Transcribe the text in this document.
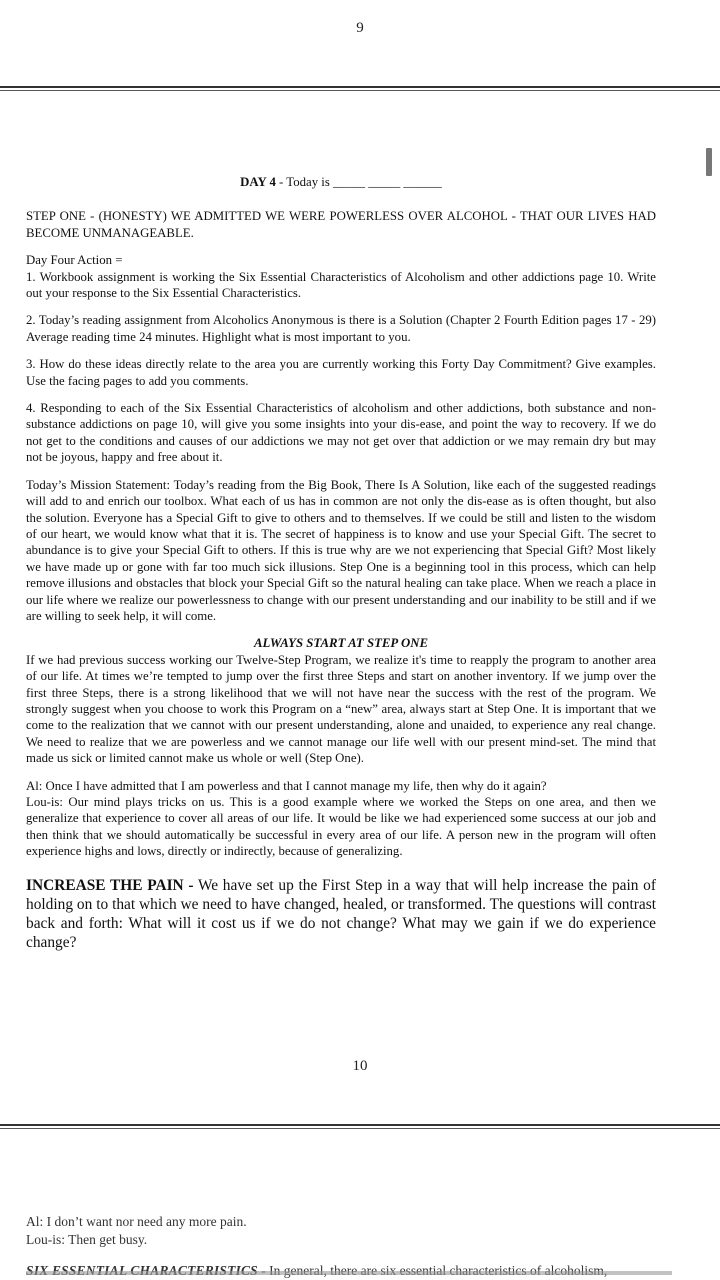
9

DAY 4 - Today is _____ _____ ______

STEP ONE - (HONESTY) WE ADMITTED WE WERE POWERLESS OVER ALCOHOL - THAT OUR LIVES HAD BECOME UNMANAGEABLE.

Day Four Action =
1. Workbook assignment is working the Six Essential Characteristics of Alcoholism and other addictions page 10. Write out your response to the Six Essential Characteristics.

2. Today’s reading assignment from Alcoholics Anonymous is there is a Solution (Chapter 2 Fourth Edition pages 17 - 29) Average reading time 24 minutes. Highlight what is most important to you.

3. How do these ideas directly relate to the area you are currently working this Forty Day Commitment? Give examples. Use the facing pages to add you comments.

4. Responding to each of the Six Essential Characteristics of alcoholism and other addictions, both substance and non-substance addictions on page 10, will give you some insights into your dis-ease, and point the way to recovery. If we do not get to the conditions and causes of our addictions we may not get over that addiction or we may remain dry but may not be joyous, happy and free about it.

Today’s Mission Statement: Today’s reading from the Big Book, There Is A Solution, like each of the suggested readings will add to and enrich our toolbox. What each of us has in common are not only the dis-ease as is often thought, but also the solution. Everyone has a Special Gift to give to others and to themselves. If we could be still and listen to the wisdom of our heart, we would know what that it is. The secret of happiness is to know and use your Special Gift. The secret to abundance is to give your Special Gift to others. If this is true why are we not experiencing that Special Gift? Most likely we have made up or gone with far too much sick illusions. Step One is a beginning tool in this process, which can help remove illusions and obstacles that block your Special Gift so the natural healing can take place. When we reach a place in our life where we realize our powerlessness to change with our present understanding and our inability to be still and if we are willing to seek help, it will come.

ALWAYS START AT STEP ONE

If we had previous success working our Twelve-Step Program, we realize it's time to reapply the program to another area of our life. At times we’re tempted to jump over the first three Steps and start on another inventory. If we jump over the first three Steps, there is a strong likelihood that we will not have near the success with the rest of the program. We strongly suggest when you choose to work this Program on a “new” area, always start at Step One. It is important that we come to the realization that we cannot with our present understanding, alone and unaided, to experience any real change. We need to realize that we are powerless and we cannot manage our life well with our present mind-set. The mind that made us sick or limited cannot make us whole or well (Step One).

Al: Once I have admitted that I am powerless and that I cannot manage my life, then why do it again?
Lou-is: Our mind plays tricks on us. This is a good example where we worked the Steps on one area, and then we generalize that experience to cover all areas of our life. It would be like we had experienced some success at our job and then think that we should automatically be successful in every area of our life. A person new in the program will often experience highs and lows, directly or indirectly, because of generalizing.

INCREASE THE PAIN - We have set up the First Step in a way that will help increase the pain of holding on to that which we need to have changed, healed, or transformed. The questions will contrast back and forth: What will it cost us if we do not change? What may we gain if we do experience change?

10
Al: I don’t want nor need any more pain.
Lou-is: Then get busy.
